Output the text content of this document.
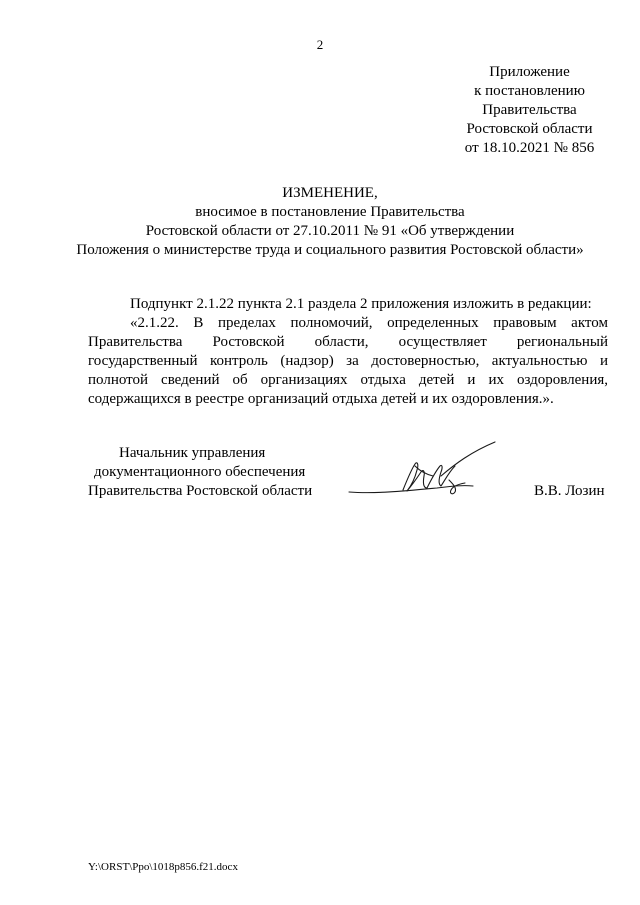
2
Приложение
к постановлению
Правительства
Ростовской области
от 18.10.2021 № 856
ИЗМЕНЕНИЕ,
вносимое в постановление Правительства
Ростовской области от 27.10.2011 № 91 «Об утверждении
Положения о министерстве труда и социального развития Ростовской области»

Подпункт 2.1.22 пункта 2.1 раздела 2 приложения изложить в редакции:

«2.1.22. В пределах полномочий, определенных правовым актом Правительства Ростовской области, осуществляет региональный государственный контроль (надзор) за достоверностью, актуальностью и полнотой сведений об организациях отдыха детей и их оздоровления, содержащихся в реестре организаций отдыха детей и их оздоровления.».

Начальник управления
документационного обеспечения
Правительства Ростовской области	В.В. Лозин
Y:\ORST\Ppo\1018p856.f21.docx
